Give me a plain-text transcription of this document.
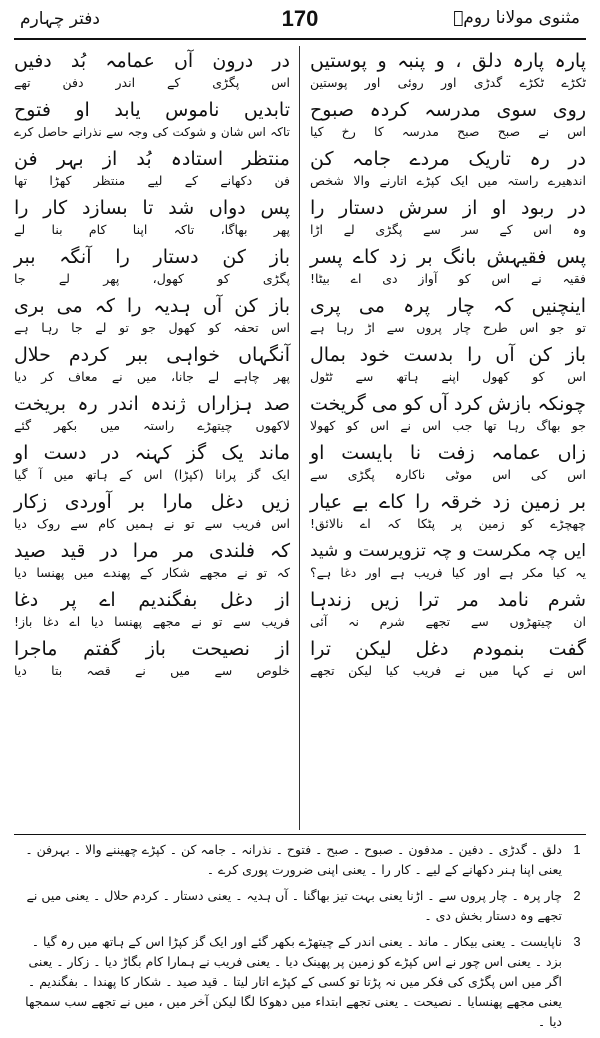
مثنوی مولانا رومؒ
170
دفتر چہارم
پارہ پارہ دلق ، و پنبہ و پوستیں
ٹکڑے ٹکڑے گدڑی اور روئی اور پوستین
روی سوی مدرسہ کردہ صبوح
اس نے صبح صبح مدرسہ کا رخ کیا
در رہ تاریک مردے جامہ کن
اندھیرے راستہ میں ایک کپڑے اتارنے والا شخص
در ربود او از سرش دستار را
وہ اس کے سر سے پگڑی لے اڑا
پس فقیہش بانگ بر زد کاے پسر
فقیہ نے اس کو آواز دی اے بیٹا!
اینچنیں کہ چار پرہ می پری
تو جو اس طرح چار پروں سے اڑ رہا ہے
باز کن آں را بدست خود بمال
اس کو کھول اپنے ہاتھ سے ٹٹول
چونکہ بازش کرد آں کو می گریخت
جو بھاگ رہا تھا جب اس نے اس کو کھولا
زاں عمامہ زفت نا بایست او
اس کی اس موٹی ناکارہ پگڑی سے
بر زمین زد خرقہ را کاے بے عیار
چھچڑے کو زمین پر پٹکا کہ اے نالائق!
ایں چہ مکرست و چہ تزویرست و شید
یہ کیا مکر ہے اور کیا فریب ہے اور دغا ہے؟
شرم نامد مر ترا زیں زندہا
ان چیتھڑوں سے تجھے شرم نہ آئی
گفت بنمودم دغل لیکن ترا
اس نے کہا میں نے فریب کیا لیکن تجھے
در درون آں عمامہ بُد دفیں
اس پگڑی کے اندر دفن تھے
تابدیں ناموس یابد او فتوح
تاکہ اس شان و شوکت کی وجہ سے نذرانے حاصل کرے
منتظر استادہ بُد از بہر فن
فن دکھانے کے لیے منتظر کھڑا تھا
پس دواں شد تا بسازد کار را
پھر بھاگا، تاکہ اپنا کام بنا لے
باز کن دستار را آنگہ ببر
پگڑی کو کھول، پھر لے جا
باز کن آں ہدیہ را کہ می بری
اس تحفہ کو کھول جو تو لے جا رہا ہے
آنگہاں خواہی ببر کردم حلال
پھر چاہے لے جانا، میں نے معاف کر دیا
صد ہزاراں ژندہ اندر رہ بریخت
لاکھوں چیتھڑے راستہ میں بکھر گئے
ماند یک گز کہنہ در دست او
ایک گز پرانا (کپڑا) اس کے ہاتھ میں آ گیا
زیں دغل مارا بر آوردی زکار
اس فریب سے تو نے ہمیں کام سے روک دیا
کہ فلندی مر مرا در قید صید
کہ تو نے مجھے شکار کے پھندے میں پھنسا دیا
از دغل بفگندیم اے پر دغا
فریب سے تو نے مجھے پھنسا دیا اے دغا باز!
از نصیحت باز گفتم ماجرا
خلوص سے میں نے قصہ بتا دیا
1
دلق ۔ گدڑی ۔ دفین ۔ مدفون ۔ صبوح ۔ صبح ۔ فتوح ۔ نذرانہ ۔ جامہ کن ۔ کپڑے چھیننے والا ۔ بہرفن ۔ یعنی اپنا ہنر دکھانے کے لیے ۔ کار را ۔ یعنی اپنی ضرورت پوری کرے ۔
2
چار پرہ ۔ چار پروں سے ۔ اڑنا یعنی بہت تیز بھاگنا ۔ آں ہدیہ ۔ یعنی دستار ۔ کردم حلال ۔ یعنی میں نے تجھے وہ دستار بخش دی ۔
3
ناپایست ۔ یعنی بیکار ۔ ماند ۔ یعنی اندر کے چیتھڑے بکھر گئے اور ایک گز کپڑا اس کے ہاتھ میں رہ گیا ۔ بزد ۔ یعنی اس چور نے اس کپڑے کو زمین پر پھینک دیا ۔ یعنی فریب نے ہمارا کام بگاڑ دیا ۔ زکار ۔ یعنی اگر میں اس پگڑی کی فکر میں نہ پڑتا تو کسی کے کپڑے اتار لیتا ۔ قید صید ۔ شکار کا پھندا ۔ بفگندیم ۔ یعنی مجھے پھنسایا ۔ نصیحت ۔ یعنی تجھے ابتداء میں دھوکا لگا لیکن آخر میں ، میں نے تجھے سب سمجھا دیا ۔
